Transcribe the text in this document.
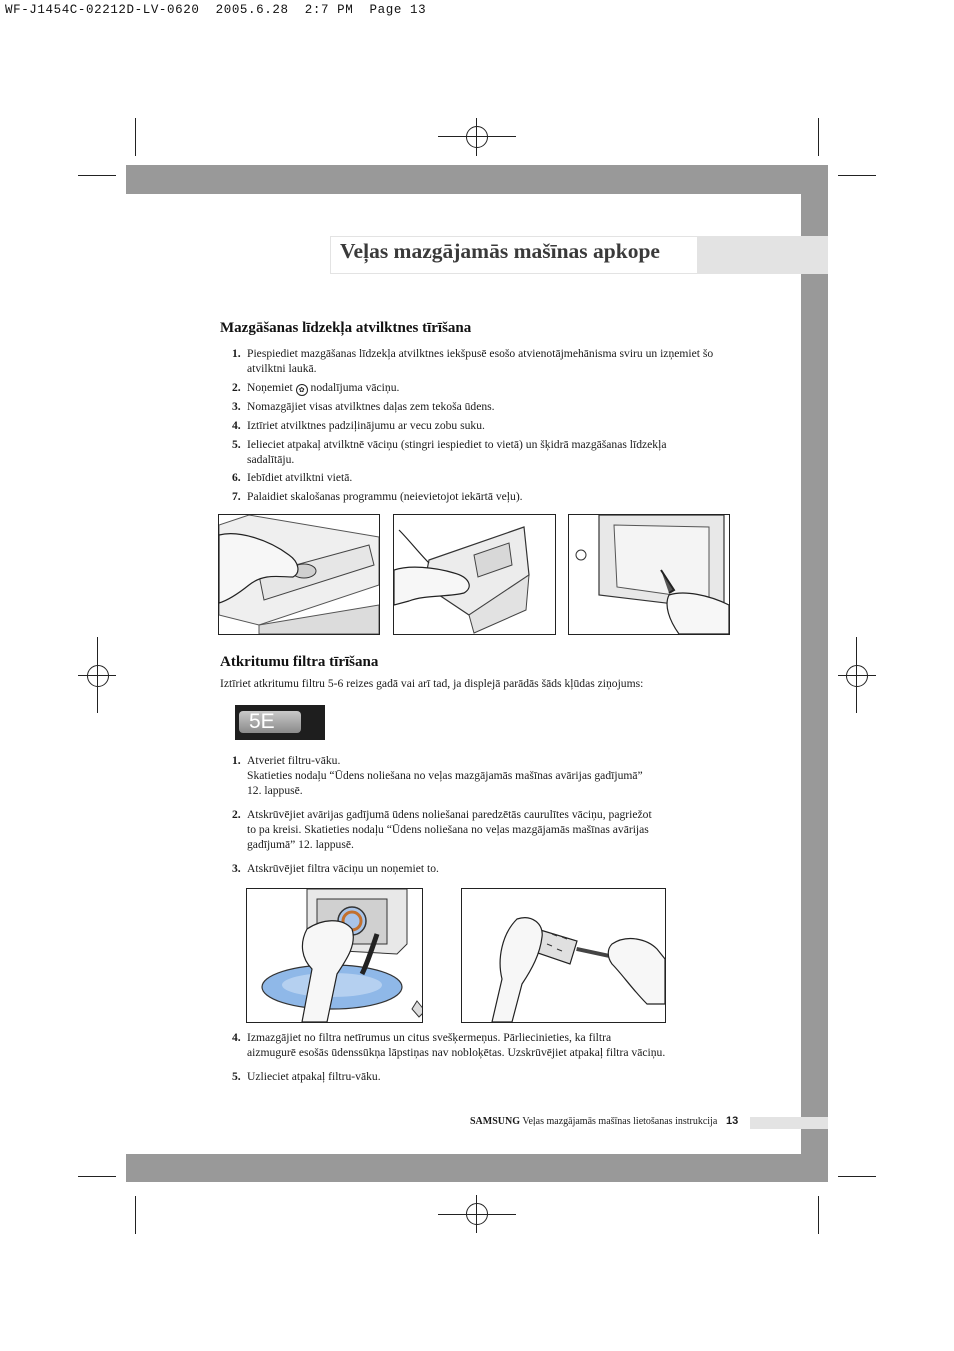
WF-J1454C-02212D-LV-0620  2005.6.28  2:7 PM  Page 13
Veļas mazgājamās mašīnas apkope
Mazgāšanas līdzekļa atvilktnes tīrīšana
1. Piespiediet mazgāšanas līdzekļa atvilktnes iekšpusē esošo atvienotājmehānisma sviru un izņemiet šo atvilktni laukā.
2. Noņemiet ✿ nodalījuma vāciņu.
3. Nomazgājiet visas atvilktnes daļas zem tekoša ūdens.
4. Iztīriet atvilktnes padziļinājumu ar vecu zobu suku.
5. Ielieciet atpakaļ atvilktnē vāciņu (stingri iespiediet to vietā) un šķidrā mazgāšanas līdzekļa sadalītāju.
6. Iebīdiet atvilktni vietā.
7. Palaidiet skalošanas programmu (neievietojot iekārtā veļu).
Atkritumu filtra tīrīšana
Iztīriet atkritumu filtru 5-6 reizes gadā vai arī tad, ja displejā parādās šāds kļūdas ziņojums:
5E
1. Atveriet filtru-vāku.
Skatieties nodaļu “Ūdens noliešana no veļas mazgājamās mašīnas avārijas gadījumā”
12. lappusē.
2. Atskrūvējiet avārijas gadījumā ūdens noliešanai paredzētās caurulītes vāciņu, pagriežot
to pa kreisi. Skatieties nodaļu “Ūdens noliešana no veļas mazgājamās mašīnas avārijas
gadījumā” 12. lappusē.
3. Atskrūvējiet filtra vāciņu un noņemiet to.
4. Izmazgājiet no filtra netīrumus un citus svešķermeņus. Pārliecinieties, ka filtra
aizmugurē esošās ūdenssūkņa lāpstiņas nav nobloķētas. Uzskrūvējiet atpakaļ filtra vāciņu.
5. Uzlieciet atpakaļ filtru-vāku.
SAMSUNG Veļas mazgājamās mašīnas lietošanas instrukcija 13
